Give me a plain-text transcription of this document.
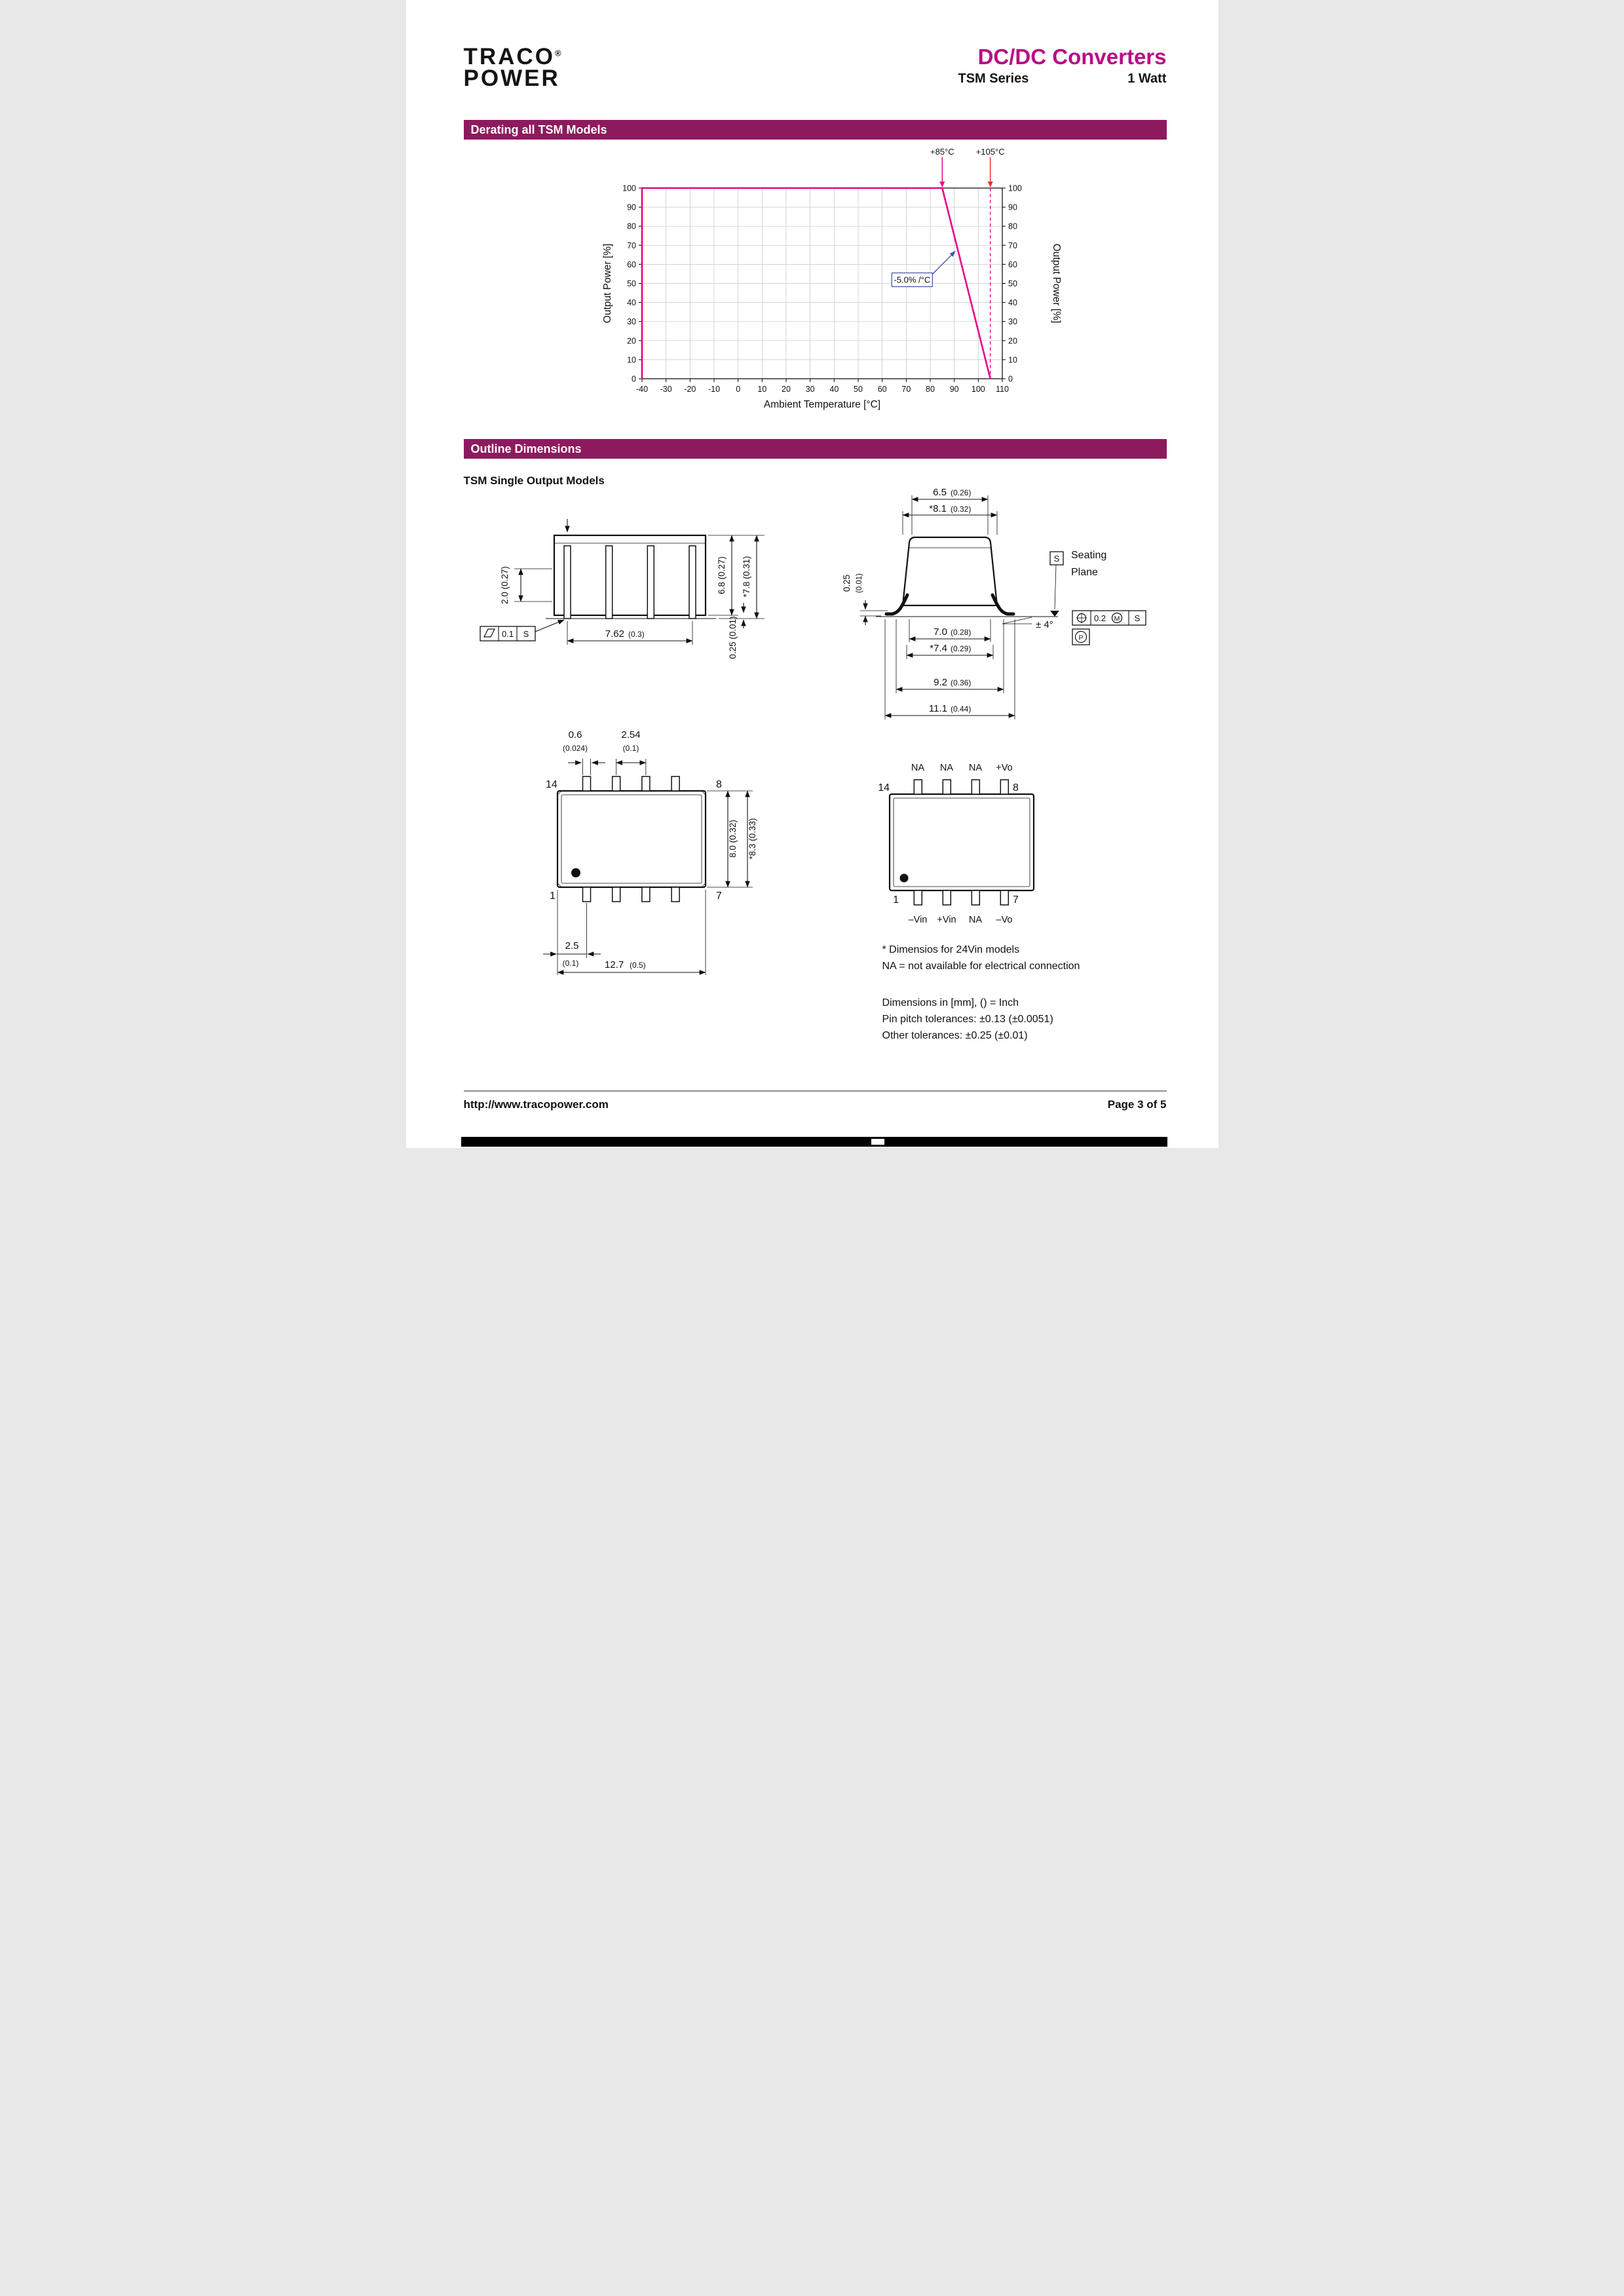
TRACO®
POWER
DC/DC Converters
TSM Series	1 Watt
Derating all TSM Models
-40 -30 -20 -10 0 10 20 30 40 50 60 70 80 90 100 110
0	0
10	10
20	20
30	30
40	40
50	50
60	60
70	70
80	80
90	90
100	100
Ambient Temperature [°C]
Output Power [%]	Output Power [%]
+85°C	+105°C
-5.0% /°C
Outline Dimensions
TSM Single Output Models
2.0 (0.27)
7.62 (0.3)
6.8 (0.27) *7.8 (0.31)
0.25 (0.01)
0.1 S
S Seating
Plane
6.5 (0.26)
*8.1 (0.32)
0.25 (0.01)
7.0 (0.28)
*7.4 (0.29)
9.2 (0.36)
11.1 (0.44)
± 4°
0.2 M S
P
14	8
1	7
0.6
(0.024)
2.54
(0.1)
8.0 (0.32) *8.3 (0.33)
2.5
(0.1)	12.7 (0.5)
NA NA NA +Vo
14	8
1	7
–Vin +Vin NA –Vo
* Dimensios for 24Vin models
NA = not available for electrical connection
Dimensions in [mm], () = Inch
Pin pitch tolerances: ±0.13 (±0.0051)
Other tolerances: ±0.25 (±0.01)
http://www.tracopower.com	Page 3 of 5
